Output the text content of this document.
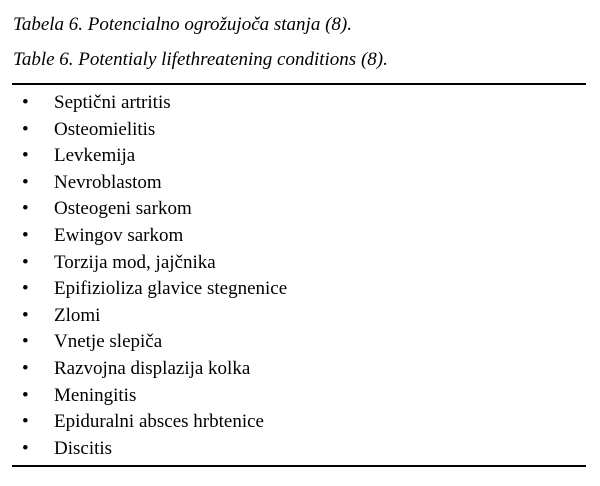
Tabela 6. Potencialno ogrožujoča stanja (8).
Table 6. Potentialy lifethreatening conditions (8).
• Septični artritis
• Osteomielitis
• Levkemija
• Nevroblastom
• Osteogeni sarkom
• Ewingov sarkom
• Torzija mod, jajčnika
• Epifizioliza glavice stegnenice
• Zlomi
• Vnetje slepiča
• Razvojna displazija kolka
• Meningitis
• Epiduralni absces hrbtenice
• Discitis
